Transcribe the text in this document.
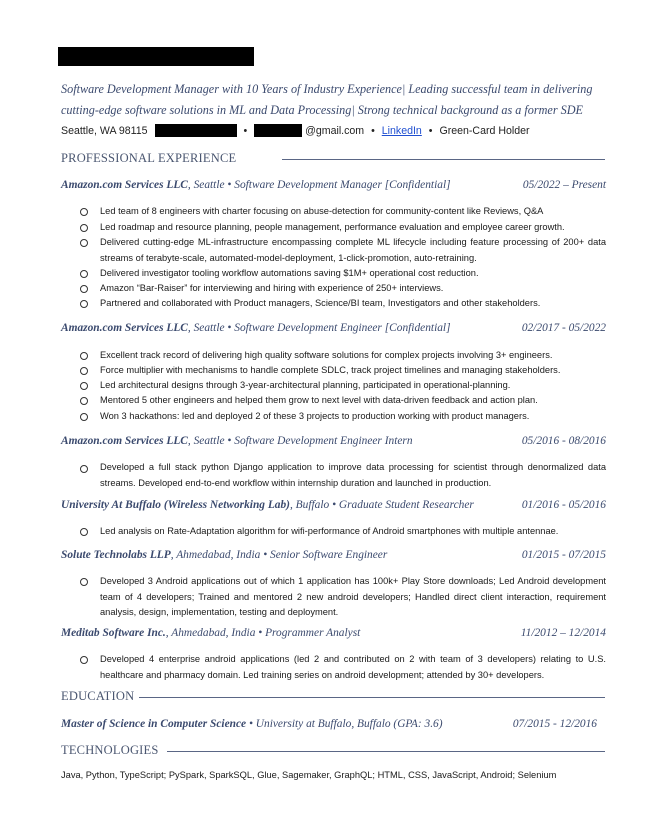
Software Development Manager with 10 Years of Industry Experience| Leading successful team in delivering
cutting-edge software solutions in ML and Data Processing| Strong technical background as a former SDE
Seattle, WA 98115	•	@gmail.com • LinkedIn • Green-Card Holder
PROFESSIONAL EXPERIENCE
Amazon.com Services LLC, Seattle • Software Development Manager [Confidential]	05/2022 – Present
Led team of 8 engineers with charter focusing on abuse-detection for community-content like Reviews, Q&A
Led roadmap and resource planning, people management, performance evaluation and employee career growth.
Delivered cutting-edge ML-infrastructure encompassing complete ML lifecycle including feature processing of 200+ data streams of terabyte-scale, automated-model-deployment, 1-click-promotion, auto-retraining.
Delivered investigator tooling workflow automations saving $1M+ operational cost reduction.
Amazon “Bar-Raiser” for interviewing and hiring with experience of 250+ interviews.
Partnered and collaborated with Product managers, Science/BI team, Investigators and other stakeholders.
Amazon.com Services LLC, Seattle • Software Development Engineer [Confidential]	02/2017 - 05/2022
Excellent track record of delivering high quality software solutions for complex projects involving 3+ engineers.
Force multiplier with mechanisms to handle complete SDLC, track project timelines and managing stakeholders.
Led architectural designs through 3-year-architectural planning, participated in operational-planning.
Mentored 5 other engineers and helped them grow to next level with data-driven feedback and action plan.
Won 3 hackathons: led and deployed 2 of these 3 projects to production working with product managers.
Amazon.com Services LLC, Seattle • Software Development Engineer Intern	05/2016 - 08/2016
Developed a full stack python Django application to improve data processing for scientist through denormalized data streams. Developed end-to-end workflow within internship duration and launched in production.
University At Buffalo (Wireless Networking Lab), Buffalo • Graduate Student Researcher	01/2016 - 05/2016
Led analysis on Rate-Adaptation algorithm for wifi-performance of Android smartphones with multiple antennae.
Solute Technolabs LLP, Ahmedabad, India • Senior Software Engineer	01/2015 - 07/2015
Developed 3 Android applications out of which 1 application has 100k+ Play Store downloads; Led Android development team of 4 developers; Trained and mentored 2 new android developers; Handled direct client interaction, requirement analysis, design, implementation, testing and deployment.
Meditab Software Inc., Ahmedabad, India • Programmer Analyst	11/2012 – 12/2014
Developed 4 enterprise android applications (led 2 and contributed on 2 with team of 3 developers) relating to U.S. healthcare and pharmacy domain. Led training series on android development; attended by 30+ developers.
EDUCATION
Master of Science in Computer Science • University at Buffalo, Buffalo (GPA: 3.6)	07/2015 - 12/2016
TECHNOLOGIES
Java, Python, TypeScript; PySpark, SparkSQL, Glue, Sagemaker, GraphQL; HTML, CSS, JavaScript, Android; Selenium
